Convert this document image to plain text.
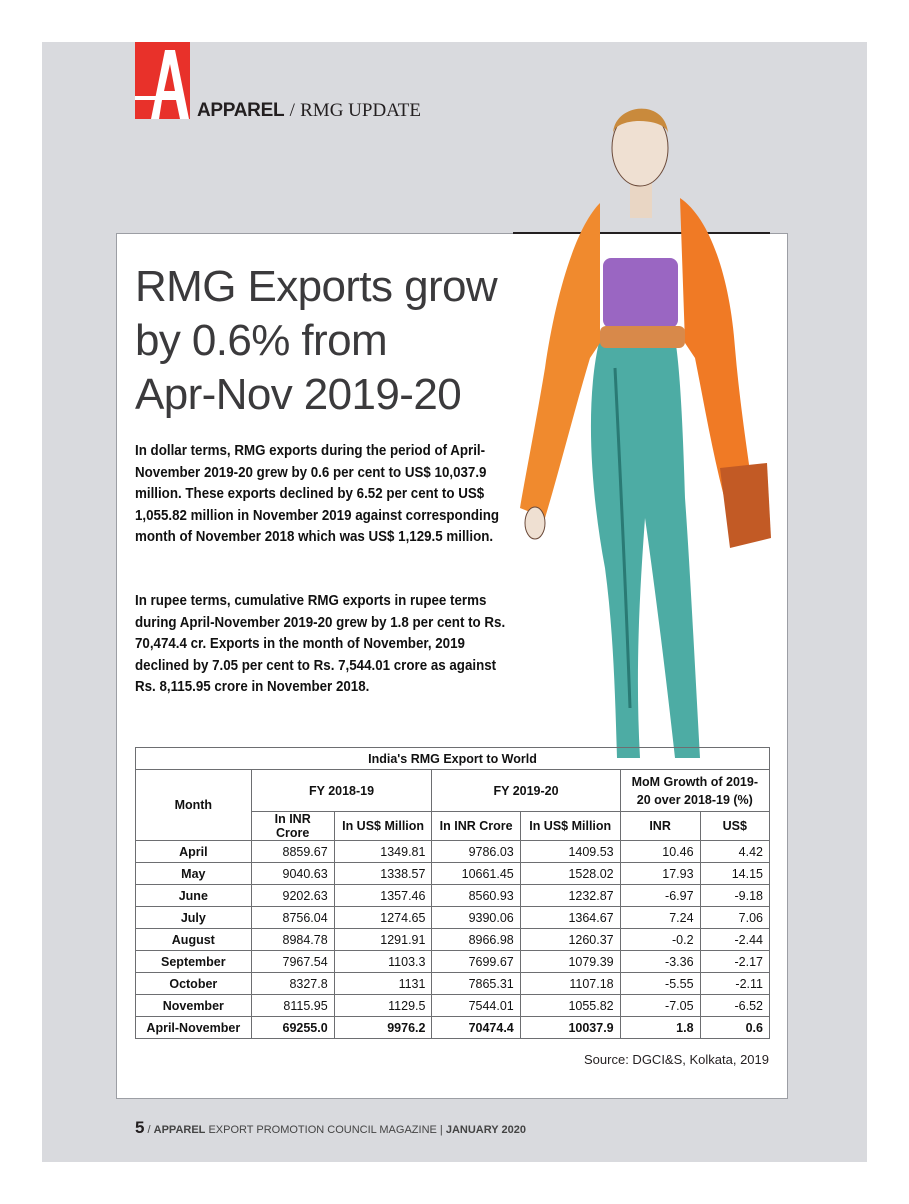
APPAREL / RMG UPDATE
RMG Exports grow
by 0.6% from
Apr-Nov 2019-20

In dollar terms, RMG exports during the period of April-November 2019-20 grew by 0.6 per cent to US$ 10,037.9 million. These exports declined by 6.52 per cent to US$ 1,055.82 million in November 2019 against corresponding month of November 2018 which was US$ 1,129.5 million.

In rupee terms, cumulative RMG exports in rupee terms during April-November 2019-20 grew by 1.8 per cent to Rs. 70,474.4 cr. Exports in the month of November, 2019 declined by 7.05 per cent to Rs. 7,544.01 crore as against Rs. 8,115.95 crore in November 2018.

India's RMG Export to World						
Month	FY 2018-19		FY 2019-20		MoM Growth of 2019-20 over 2018-19 (%)	
	In INR Crore	In US$ Million	In INR Crore	In US$ Million	INR	US$
April	8859.67	1349.81	9786.03	1409.53	10.46	4.42
May	9040.63	1338.57	10661.45	1528.02	17.93	14.15
June	9202.63	1357.46	8560.93	1232.87	-6.97	-9.18
July	8756.04	1274.65	9390.06	1364.67	7.24	7.06
August	8984.78	1291.91	8966.98	1260.37	-0.2	-2.44
September	7967.54	1103.3	7699.67	1079.39	-3.36	-2.17
October	8327.8	1131	7865.31	1107.18	-5.55	-2.11
November	8115.95	1129.5	7544.01	1055.82	-7.05	-6.52
April-November	69255.0	9976.2	70474.4	10037.9	1.8	0.6
Source: DGCI&S, Kolkata, 2019
5 / APPAREL EXPORT PROMOTION COUNCIL MAGAZINE | JANUARY 2020
